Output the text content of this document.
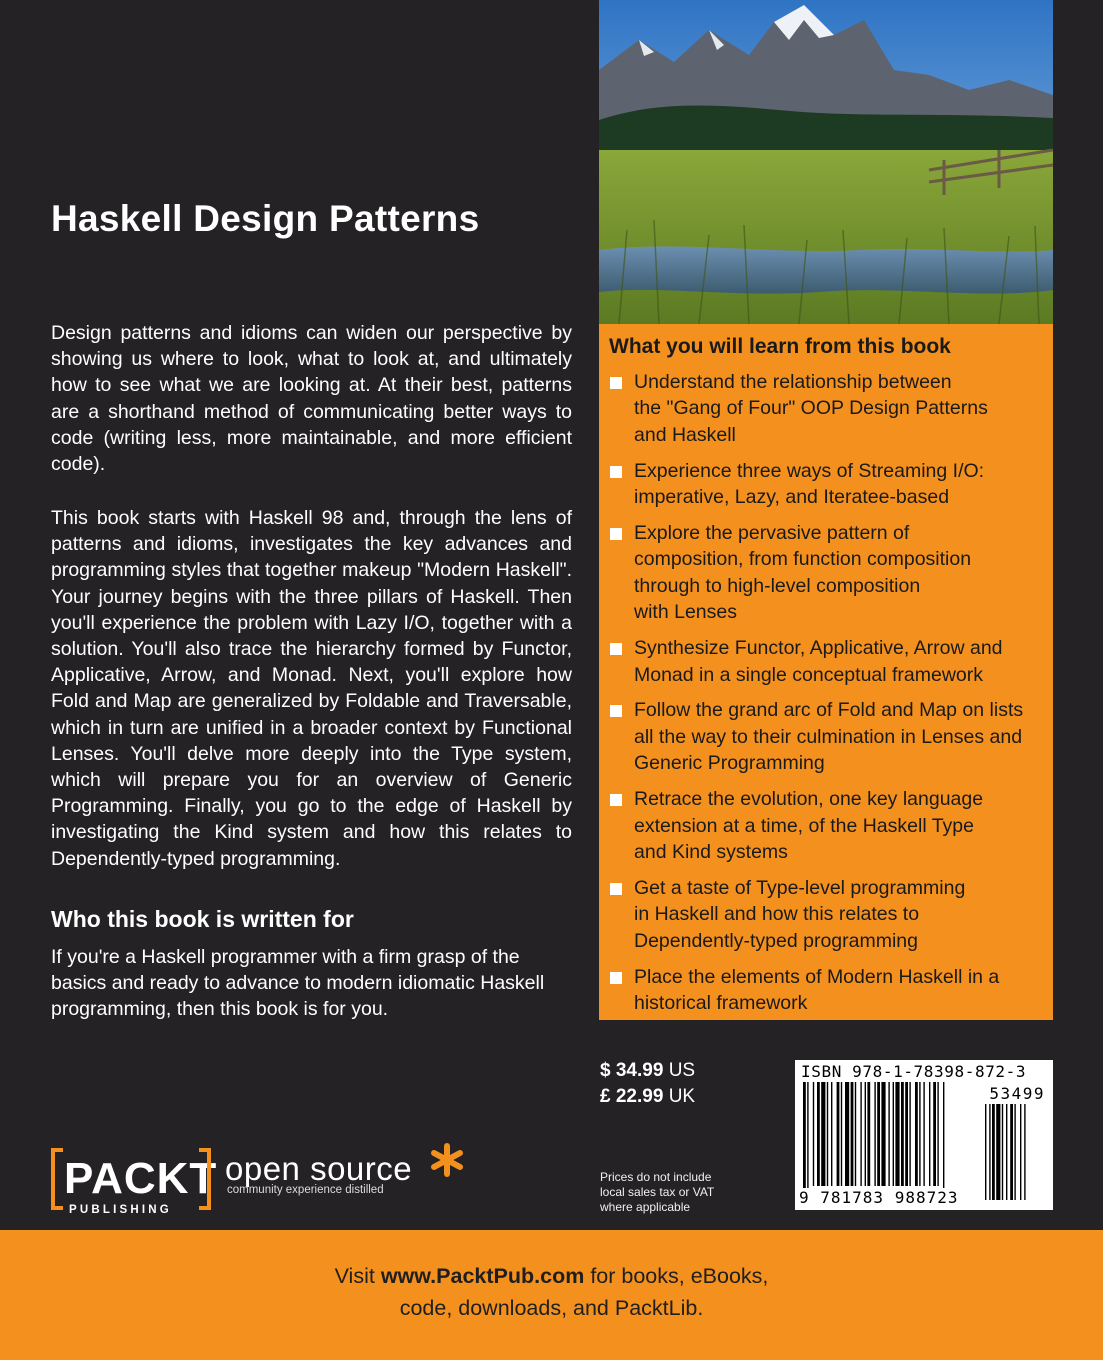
Haskell Design Patterns

Design patterns and idioms can widen our perspective by showing us where to look, what to look at, and ultimately how to see what we are looking at. At their best, patterns are a shorthand method of communicating better ways to code (writing less, more maintainable, and more efficient code).

This book starts with Haskell 98 and, through the lens of patterns and idioms, investigates the key advances and programming styles that together makeup "Modern Haskell". Your journey begins with the three pillars of Haskell. Then you'll experience the problem with Lazy I/O, together with a solution. You'll also trace the hierarchy formed by Functor, Applicative, Arrow, and Monad. Next, you'll explore how Fold and Map are generalized by Foldable and Traversable, which in turn are unified in a broader context by Functional Lenses. You'll delve more deeply into the Type system, which will prepare you for an overview of Generic Programming. Finally, you go to the edge of Haskell by investigating the Kind system and how this relates to Dependently-typed programming.

Who this book is written for

If you're a Haskell programmer with a firm grasp of the basics and ready to advance to modern idiomatic Haskell programming, then this book is for you.

What you will learn from this book
Understand the relationship between
the "Gang of Four" OOP Design Patterns
and Haskell
Experience three ways of Streaming I/O:
imperative, Lazy, and Iteratee-based
Explore the pervasive pattern of
composition, from function composition
through to high-level composition
with Lenses
Synthesize Functor, Applicative, Arrow and
Monad in a single conceptual framework
Follow the grand arc of Fold and Map on lists
all the way to their culmination in Lenses and
Generic Programming
Retrace the evolution, one key language
extension at a time, of the Haskell Type
and Kind systems
Get a taste of Type-level programming
in Haskell and how this relates to
Dependently-typed programming
Place the elements of Modern Haskell in a
historical framework
$ 34.99 US
£ 22.99 UK
Prices do not include
local sales tax or VAT
where applicable
ISBN 978-1-78398-872-3
53499
9 781783 988723
PACKT
PUBLISHING
open source
community experience distilled
Visit www.PacktPub.com for books, eBooks,
code, downloads, and PacktLib.
